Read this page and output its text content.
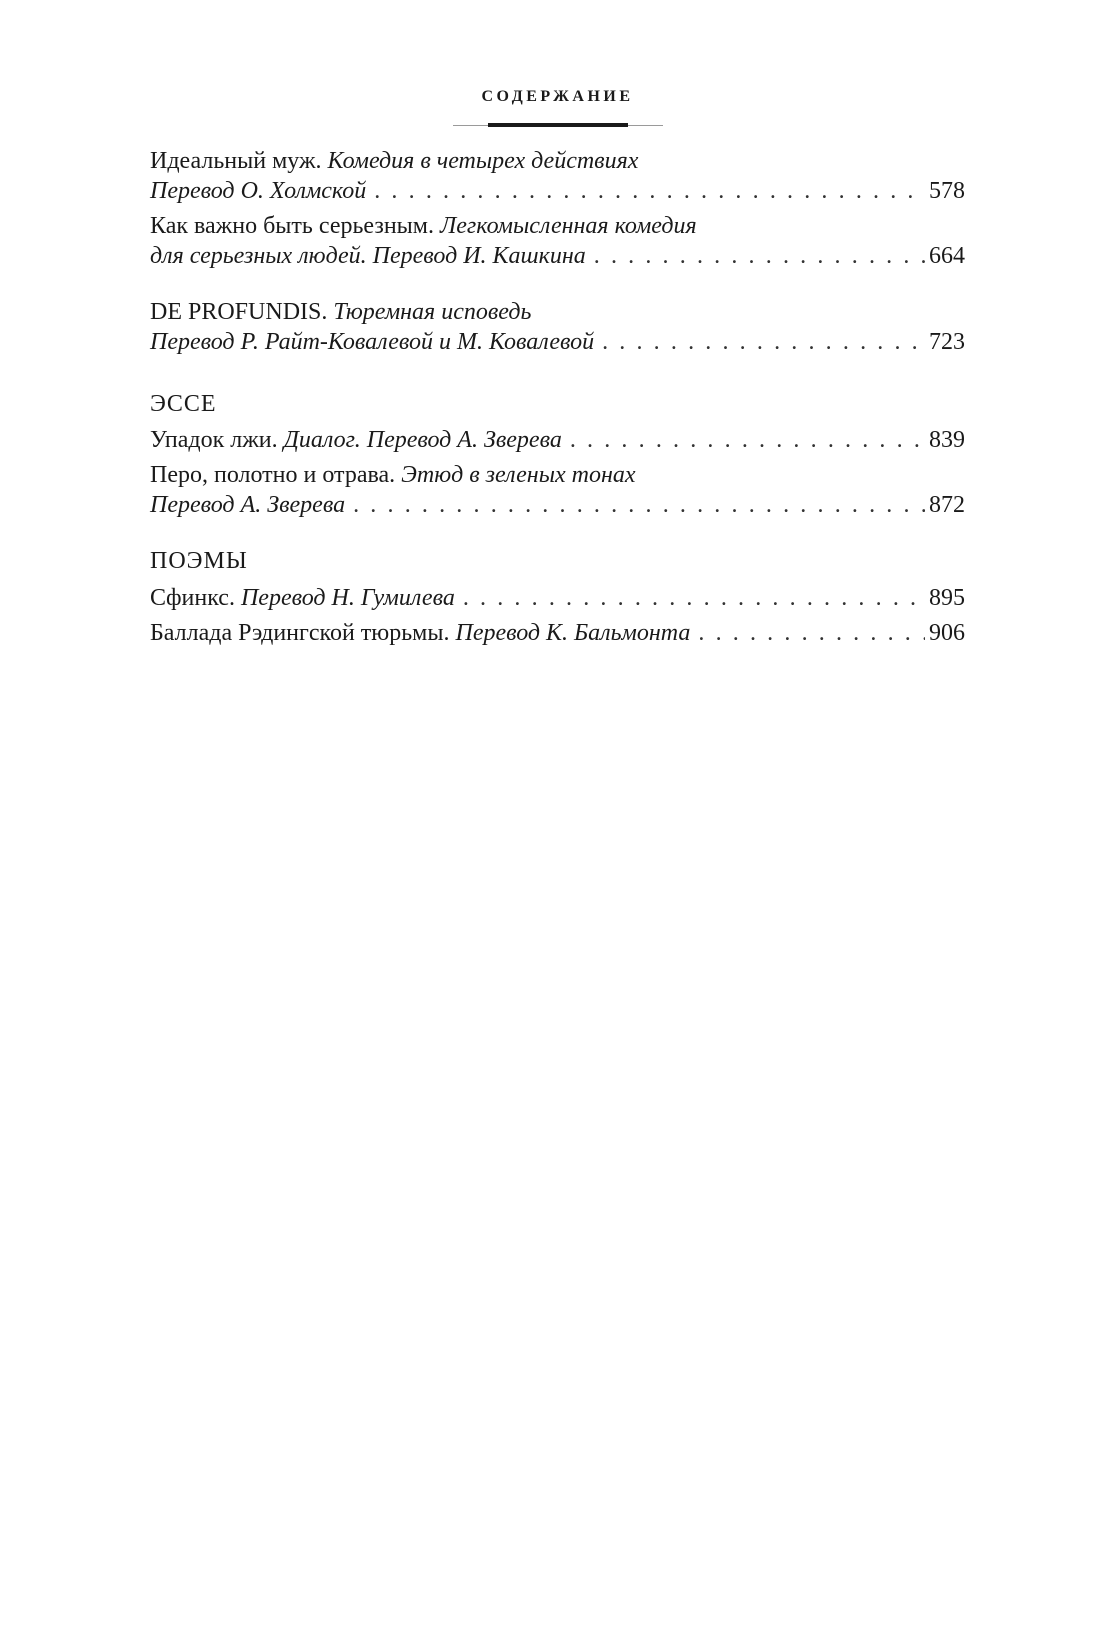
СОДЕРЖАНИЕ
Идеальный муж.
Комедия в четырех действиях
Перевод О. Холмской . . .	578
Как важно быть серьезным.
Легкомысленная комедия
для серьезных людей.
Перевод И. Кашкина . . .	664
DE PROFUNDIS.
Тюремная исповедь
Перевод Р. Райт-Ковалевой и М. Ковалевой . . .	723
ЭССЕ
Упадок лжи.
Диалог.
Перевод А. Зверева . . .	839
Перо, полотно и отрава.
Этюд в зеленых тонах
Перевод А. Зверева . . .	872
ПОЭМЫ
Сфинкс.
Перевод Н. Гумилева . . .	895
Баллада Рэдингской тюрьмы.
Перевод К. Бальмонта . . .	906
